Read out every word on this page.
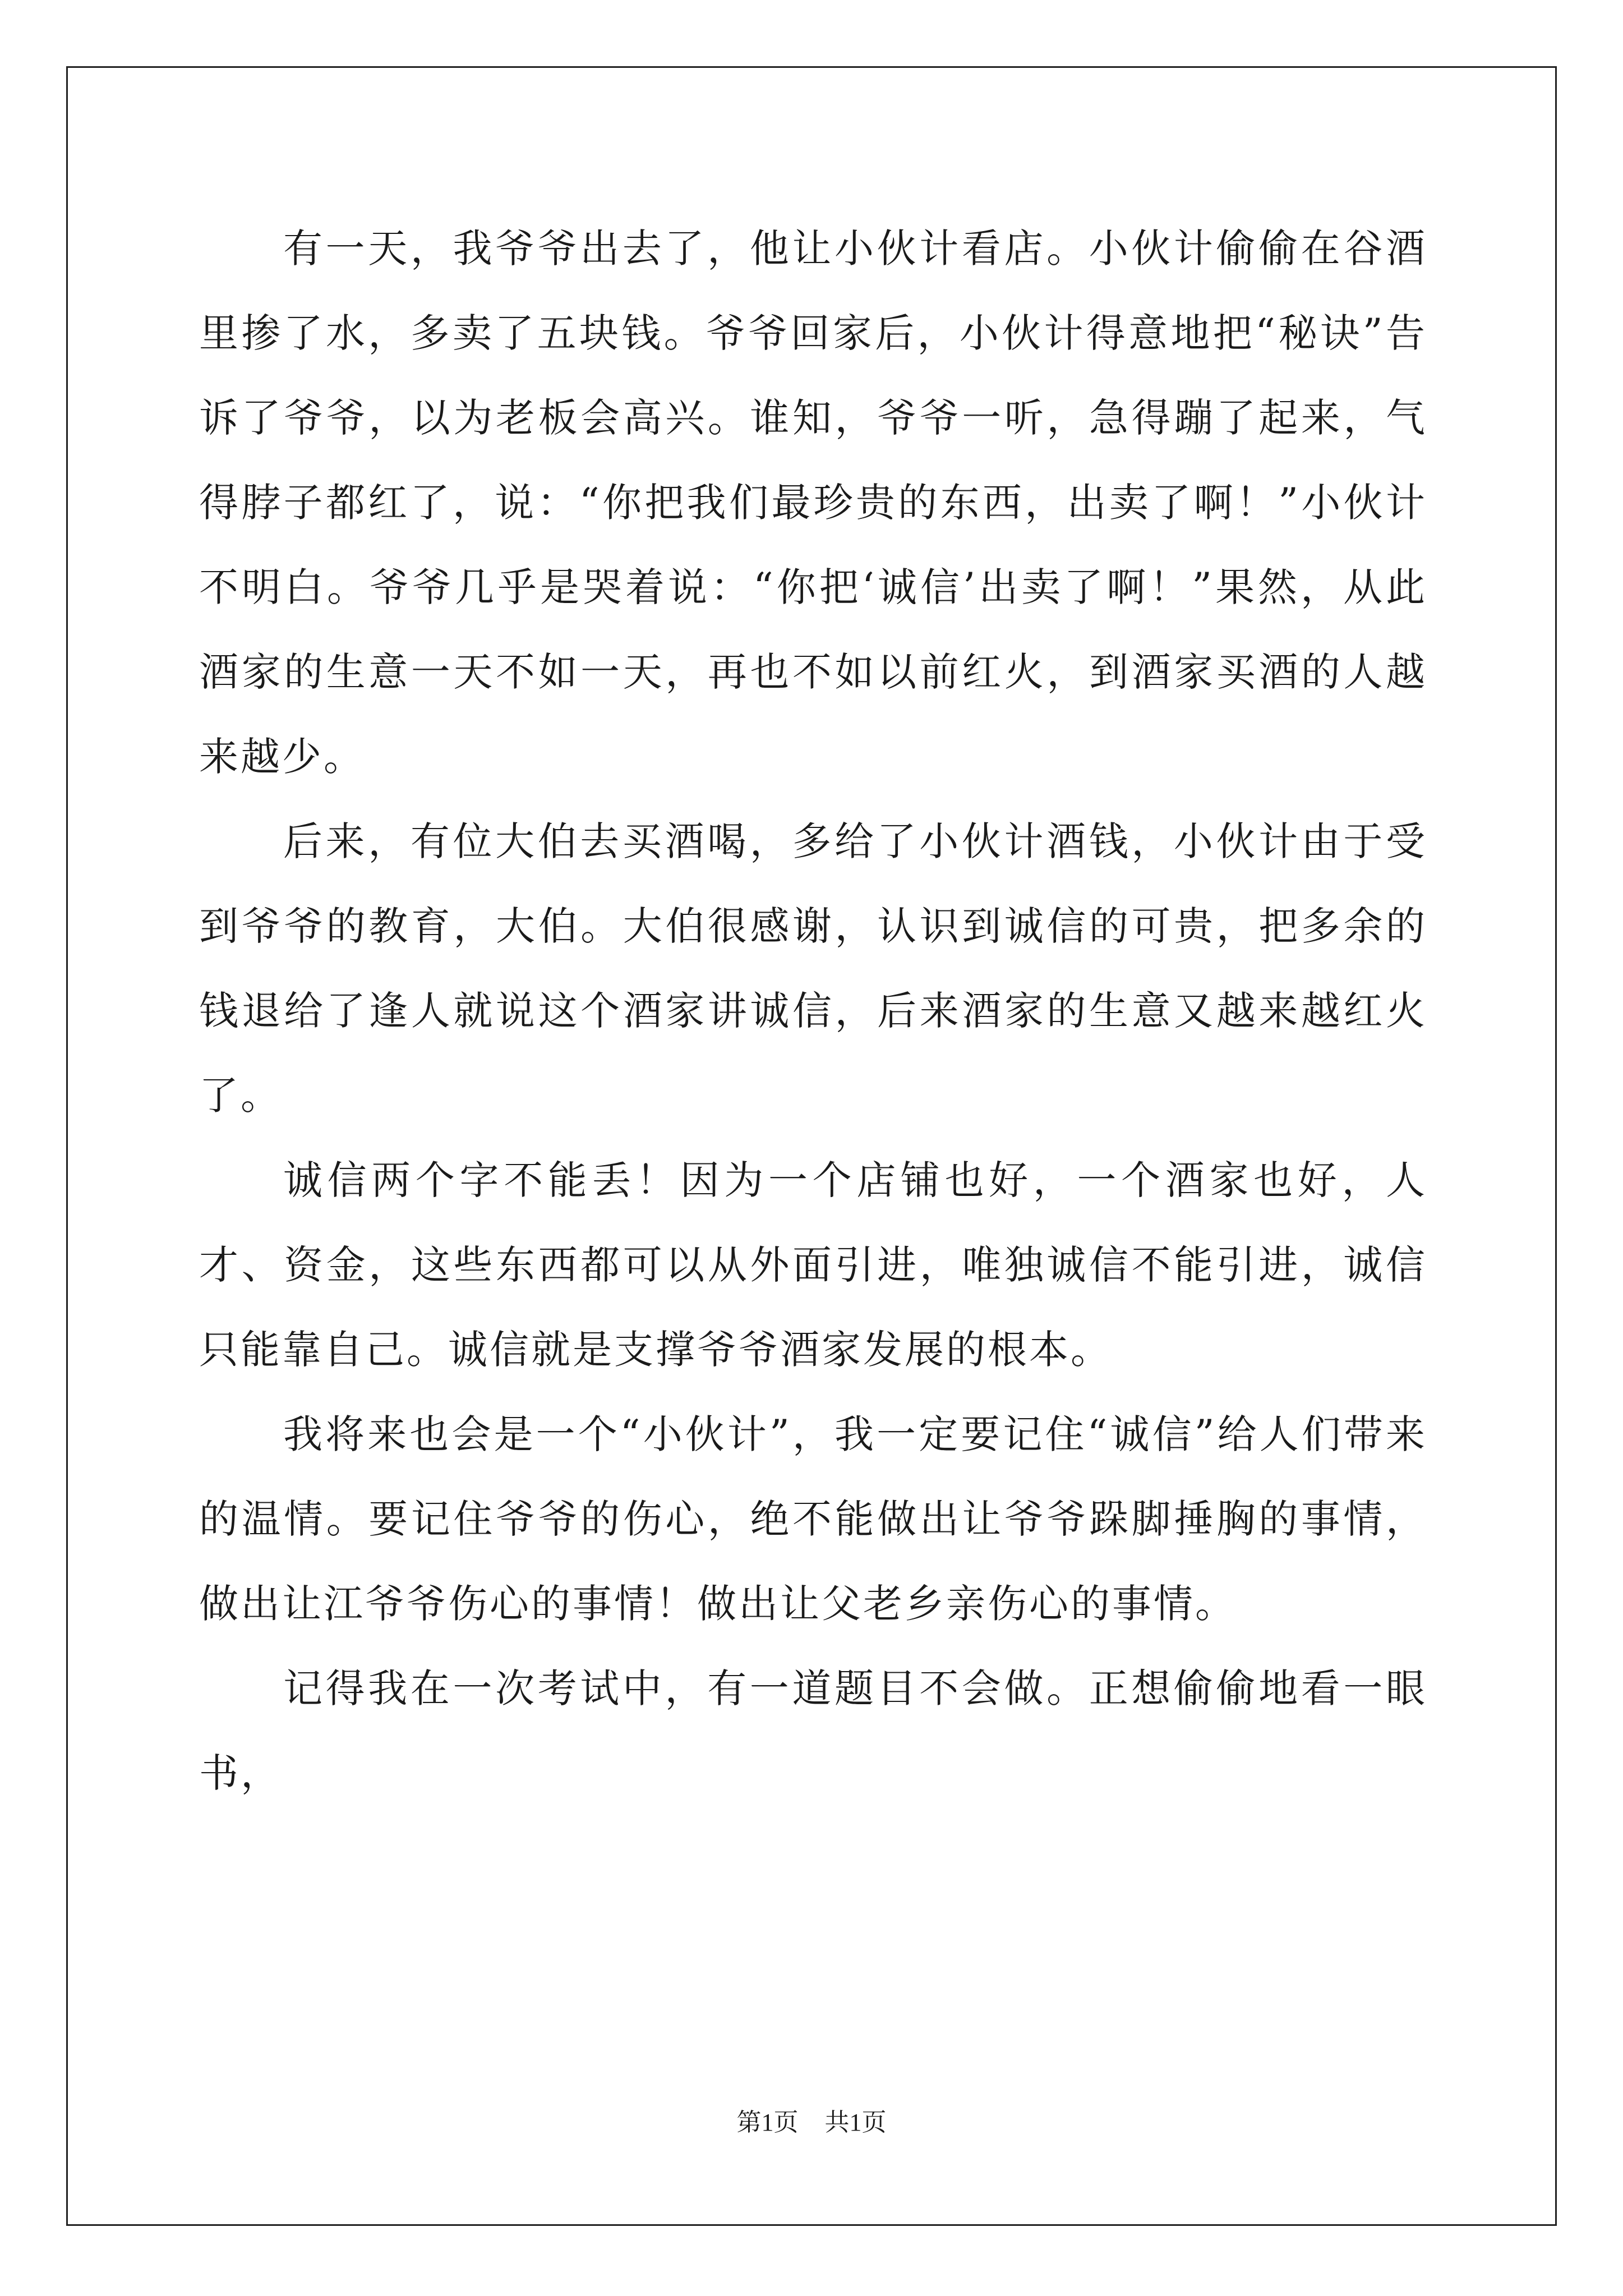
有一天，我爷爷出去了，他让小伙计看店。小伙计偷偷在谷酒里掺了水，多卖了五块钱。爷爷回家后，小伙计得意地把“秘诀”告诉了爷爷，以为老板会高兴。谁知，爷爷一听，急得蹦了起来，气得脖子都红了，说：“你把我们最珍贵的东西，出卖了啊！”小伙计不明白。爷爷几乎是哭着说：“你把‘诚信’出卖了啊！”果然，从此酒家的生意一天不如一天，再也不如以前红火，到酒家买酒的人越来越少。

后来，有位大伯去买酒喝，多给了小伙计酒钱，小伙计由于受到爷爷的教育，大伯。大伯很感谢，认识到诚信的可贵，把多余的钱退给了逢人就说这个酒家讲诚信，后来酒家的生意又越来越红火了。

诚信两个字不能丢！因为一个店铺也好，一个酒家也好，人才、资金，这些东西都可以从外面引进，唯独诚信不能引进，诚信只能靠自己。诚信就是支撑爷爷酒家发展的根本。

我将来也会是一个“小伙计”，我一定要记住“诚信”给人们带来的温情。要记住爷爷的伤心，绝不能做出让爷爷跺脚捶胸的事情，做出让江爷爷伤心的事情！做出让父老乡亲伤心的事情。

记得我在一次考试中，有一道题目不会做。正想偷偷地看一眼书，

第1页 共1页
